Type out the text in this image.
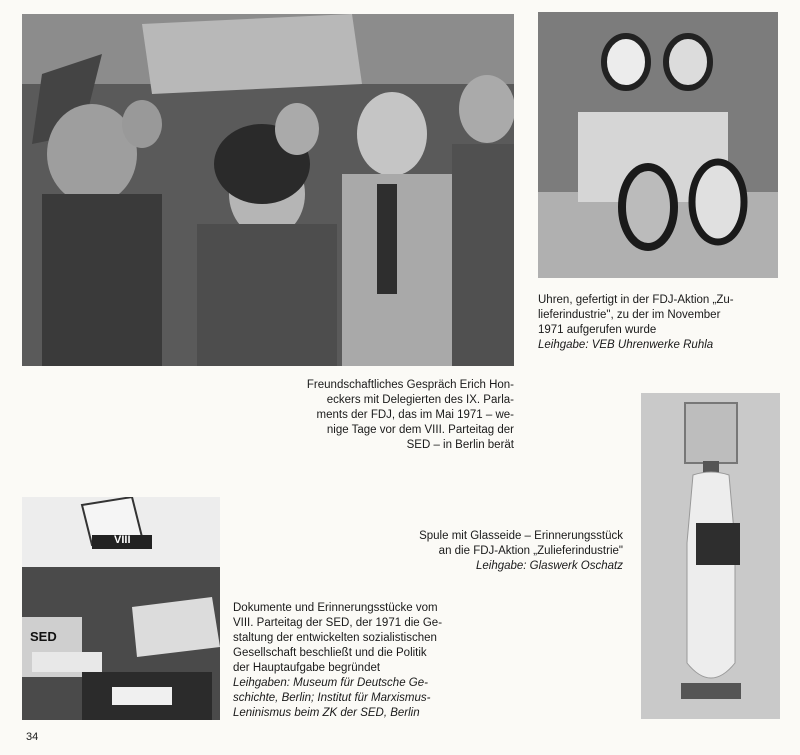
SED
VIII

Freundschaftliches Gespräch Erich Hon-
eckers mit Delegierten des IX. Parla-
ments der FDJ, das im Mai 1971 – we-
nige Tage vor dem VIII. Parteitag der
SED – in Berlin berät

Uhren, gefertigt in der FDJ-Aktion „Zu-
lieferindustrie", zu der im November
1971 aufgerufen wurde
Leihgabe: VEB Uhrenwerke Ruhla

Spule mit Glasseide – Erinnerungsstück
an die FDJ-Aktion „Zulieferindustrie"
Leihgabe: Glaswerk Oschatz

Dokumente und Erinnerungsstücke vom
VIII. Parteitag der SED, der 1971 die Ge-
staltung der entwickelten sozialistischen
Gesellschaft beschließt und die Politik
der Hauptaufgabe begründet
Leihgaben: Museum für Deutsche Ge-
schichte, Berlin; Institut für Marxismus-
Leninismus beim ZK der SED, Berlin

34
